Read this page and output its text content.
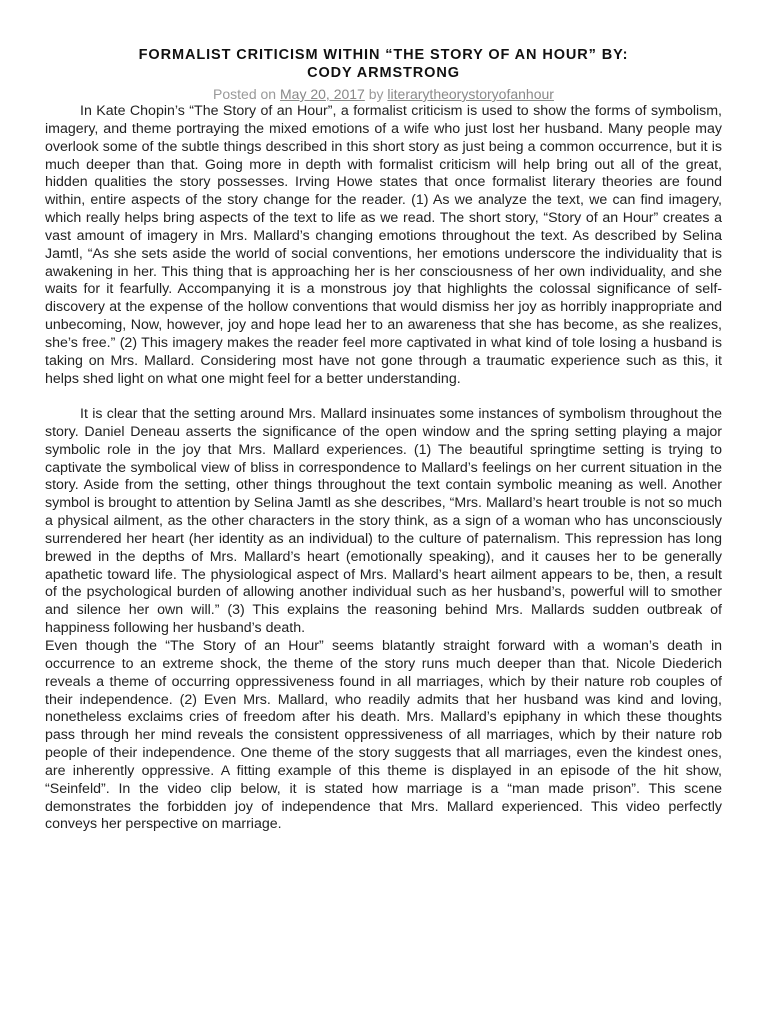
FORMALIST CRITICISM WITHIN “THE STORY OF AN HOUR” BY:
CODY ARMSTRONG
Posted on May 20, 2017 by literarytheorystoryofanhour

In Kate Chopin’s “The Story of an Hour”, a formalist criticism is used to show the forms of symbolism, imagery, and theme portraying the mixed emotions of a wife who just lost her husband. Many people may overlook some of the subtle things described in this short story as just being a common occurrence, but it is much deeper than that. Going more in depth with formalist criticism will help bring out all of the great, hidden qualities the story possesses. Irving Howe states that once formalist literary theories are found within, entire aspects of the story change for the reader. (1) As we analyze the text, we can find imagery, which really helps bring aspects of the text to life as we read. The short story, “Story of an Hour” creates a vast amount of imagery in Mrs. Mallard’s changing emotions throughout the text. As described by Selina Jamtl, “As she sets aside the world of social conventions, her emotions underscore the individuality that is awakening in her. This thing that is approaching her is her consciousness of her own individuality, and she waits for it fearfully. Accompanying it is a monstrous joy that highlights the colossal significance of self-discovery at the expense of the hollow conventions that would dismiss her joy as horribly inappropriate and unbecoming, Now, however, joy and hope lead her to an awareness that she has become, as she realizes, she’s free.” (2) This imagery makes the reader feel more captivated in what kind of tole losing a husband is taking on Mrs. Mallard. Considering most have not gone through a traumatic experience such as this, it helps shed light on what one might feel for a better understanding.

It is clear that the setting around Mrs. Mallard insinuates some instances of symbolism throughout the story. Daniel Deneau asserts the significance of the open window and the spring setting playing a major symbolic role in the joy that Mrs. Mallard experiences. (1) The beautiful springtime setting is trying to captivate the symbolical view of bliss in correspondence to Mallard’s feelings on her current situation in the story. Aside from the setting, other things throughout the text contain symbolic meaning as well. Another symbol is brought to attention by Selina Jamtl as she describes, “Mrs. Mallard’s heart trouble is not so much a physical ailment, as the other characters in the story think, as a sign of a woman who has unconsciously surrendered her heart (her identity as an individual) to the culture of paternalism. This repression has long brewed in the depths of Mrs. Mallard’s heart (emotionally speaking), and it causes her to be generally apathetic toward life. The physiological aspect of Mrs. Mallard’s heart ailment appears to be, then, a result of the psychological burden of allowing another individual such as her husband’s, powerful will to smother and silence her own will.” (3) This explains the reasoning behind Mrs. Mallards sudden outbreak of happiness following her husband’s death.

Even though the “The Story of an Hour” seems blatantly straight forward with a woman’s death in occurrence to an extreme shock, the theme of the story runs much deeper than that. Nicole Diederich reveals a theme of occurring oppressiveness found in all marriages, which by their nature rob couples of their independence. (2) Even Mrs. Mallard, who readily admits that her husband was kind and loving, nonetheless exclaims cries of freedom after his death. Mrs. Mallard’s epiphany in which these thoughts pass through her mind reveals the consistent oppressiveness of all marriages, which by their nature rob people of their independence. One theme of the story suggests that all marriages, even the kindest ones, are inherently oppressive. A fitting example of this theme is displayed in an episode of the hit show, “Seinfeld”. In the video clip below, it is stated how marriage is a “man made prison”. This scene demonstrates the forbidden joy of independence that Mrs. Mallard experienced. This video perfectly conveys her perspective on marriage.
